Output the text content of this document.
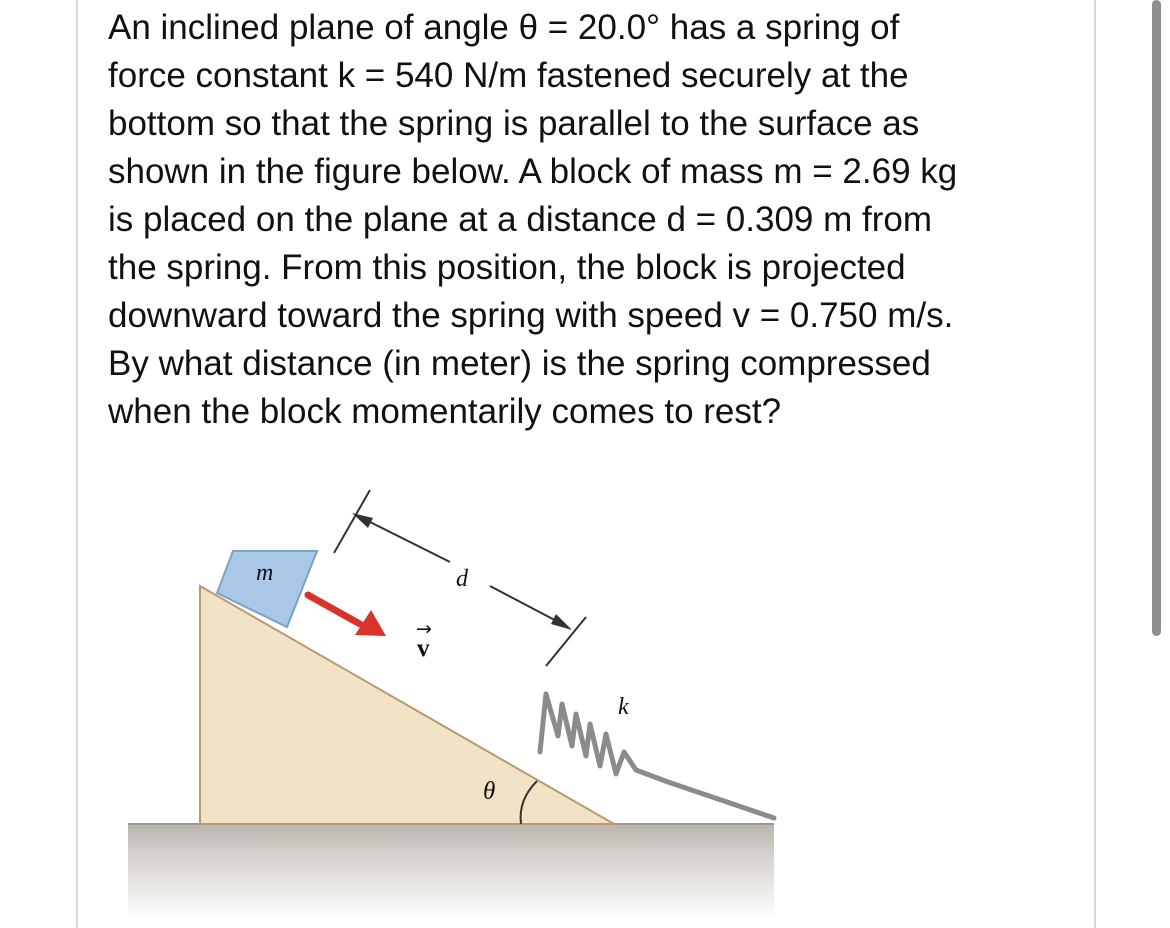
An inclined plane of angle θ = 20.0° has a spring of
force constant k = 540 N/m fastened securely at the
bottom so that the spring is parallel to the surface as
shown in the figure below. A block of mass m = 2.69 kg
is placed on the plane at a distance d = 0.309 m from
the spring. From this position, the block is projected
downward toward the spring with speed v = 0.750 m/s.
By what distance (in meter) is the spring compressed
when the block momentarily comes to rest?
m
→
v
d
k
θ
